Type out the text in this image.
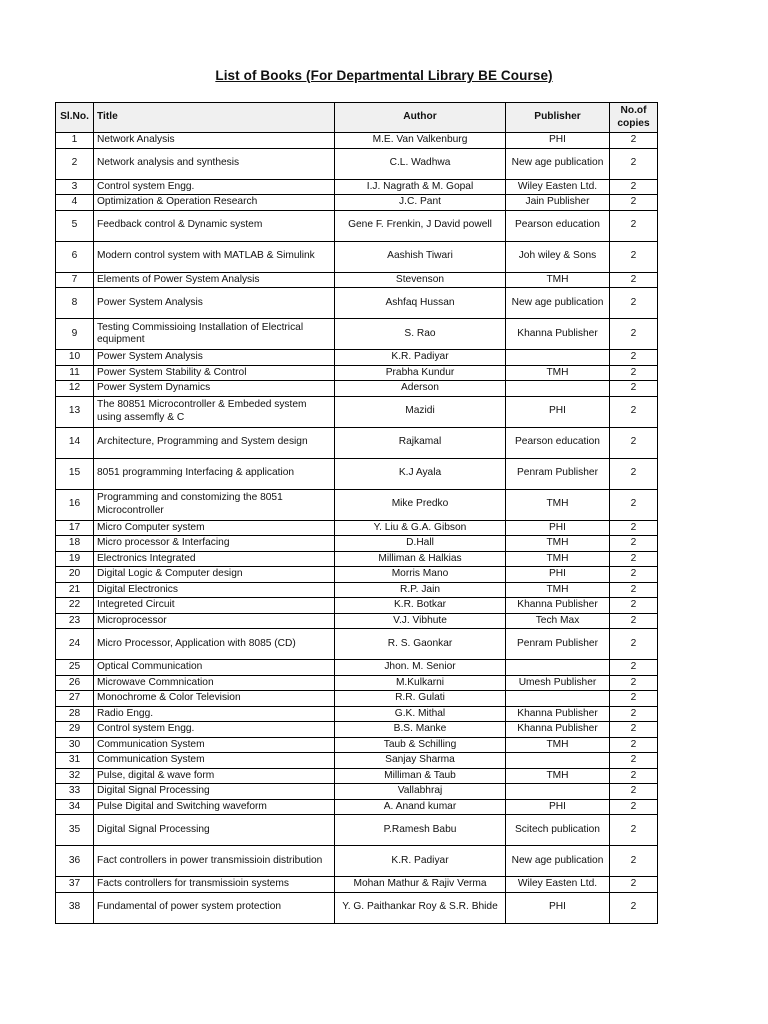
List of Books (For Departmental Library BE Course)
Sl.No.	Title	Author	Publisher	No.of copies
1	Network Analysis	M.E. Van Valkenburg	PHI	2
2	Network analysis and synthesis	C.L. Wadhwa	New age publication	2
3	Control system Engg.	I.J. Nagrath & M. Gopal	Wiley Easten Ltd.	2
4	Optimization & Operation Research	J.C. Pant	Jain Publisher	2
5	Feedback control & Dynamic system	Gene F. Frenkin, J David powell	Pearson education	2
6	Modern control system with MATLAB & Simulink	Aashish Tiwari	Joh wiley & Sons	2
7	Elements of Power System Analysis	Stevenson	TMH	2
8	Power System Analysis	Ashfaq Hussan	New age publication	2
9	Testing Commissioing Installation of Electrical equipment	S. Rao	Khanna Publisher	2
10	Power System Analysis	K.R. Padiyar		2
11	Power System Stability & Control	Prabha Kundur	TMH	2
12	Power System Dynamics	Aderson		2
13	The 80851 Microcontroller & Embeded system using assemfly & C	Mazidi	PHI	2
14	Architecture, Programming and System design	Rajkamal	Pearson education	2
15	8051 programming Interfacing & application	K.J Ayala	Penram Publisher	2
16	Programming and constomizing the 8051 Microcontroller	Mike Predko	TMH	2
17	Micro Computer system	Y. Liu & G.A. Gibson	PHI	2
18	Micro processor & Interfacing	D.Hall	TMH	2
19	Electronics Integrated	Milliman & Halkias	TMH	2
20	Digital Logic & Computer design	Morris Mano	PHI	2
21	Digital Electronics	R.P. Jain	TMH	2
22	Integreted Circuit	K.R. Botkar	Khanna Publisher	2
23	Microprocessor	V.J. Vibhute	Tech Max	2
24	Micro Processor, Application with 8085 (CD)	R. S. Gaonkar	Penram Publisher	2
25	Optical Communication	Jhon. M. Senior		2
26	Microwave Commnication	M.Kulkarni	Umesh Publisher	2
27	Monochrome & Color Television	R.R. Gulati		2
28	Radio Engg.	G.K. Mithal	Khanna Publisher	2
29	Control system Engg.	B.S. Manke	Khanna Publisher	2
30	Communication System	Taub & Schilling	TMH	2
31	Communication System	Sanjay Sharma		2
32	Pulse, digital & wave form	Milliman & Taub	TMH	2
33	Digital Signal Processing	Vallabhraj		2
34	Pulse Digital and Switching waveform	A. Anand kumar	PHI	2
35	Digital Signal Processing	P.Ramesh Babu	Scitech publication	2
36	Fact controllers in power transmissioin distribution	K.R. Padiyar	New age publication	2
37	Facts controllers for transmissioin systems	Mohan Mathur & Rajiv Verma	Wiley Easten Ltd.	2
38	Fundamental of power system protection	Y. G. Paithankar Roy & S.R. Bhide	PHI	2
